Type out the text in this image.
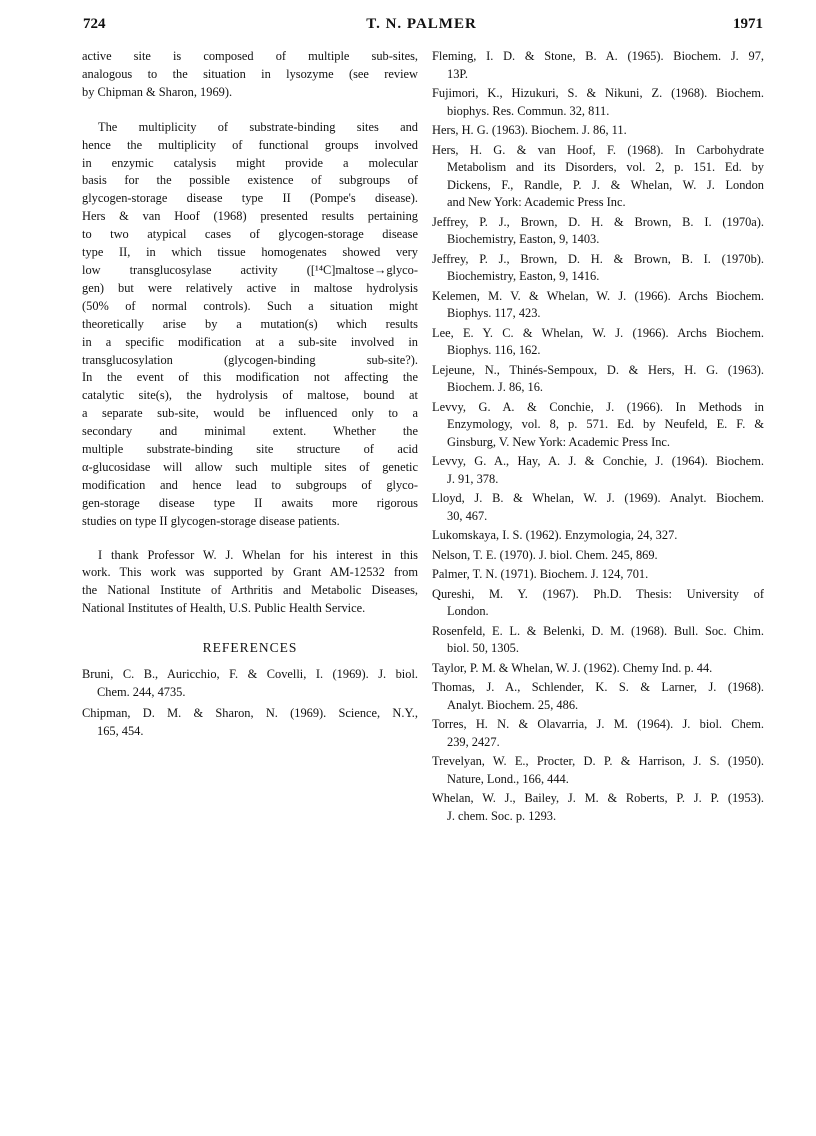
724	T. N. PALMER	1971
active site is composed of multiple sub-sites,
analogous to the situation in lysozyme (see review
by Chipman & Sharon, 1969).
The multiplicity of substrate-binding sites and
hence the multiplicity of functional groups involved
in enzymic catalysis might provide a molecular
basis for the possible existence of subgroups of
glycogen-storage disease type II (Pompe's disease).
Hers & van Hoof (1968) presented results pertaining
to two atypical cases of glycogen-storage disease
type II, in which tissue homogenates showed very
low transglucosylase activity ([¹⁴C]maltose→glyco-
gen) but were relatively active in maltose hydrolysis
(50% of normal controls). Such a situation might
theoretically arise by a mutation(s) which results
in a specific modification at a sub-site involved in
transglucosylation (glycogen-binding sub-site?).
In the event of this modification not affecting the
catalytic site(s), the hydrolysis of maltose, bound at
a separate sub-site, would be influenced only to a
secondary and minimal extent. Whether the
multiple substrate-binding site structure of acid
α-glucosidase will allow such multiple sites of genetic
modification and hence lead to subgroups of glyco-
gen-storage disease type II awaits more rigorous
studies on type II glycogen-storage disease patients.
I thank Professor W. J. Whelan for his interest in this
work. This work was supported by Grant AM-12532 from
the National Institute of Arthritis and Metabolic Diseases,
National Institutes of Health, U.S. Public Health Service.
REFERENCES
Bruni, C. B., Auricchio, F. & Covelli, I. (1969). J. biol.
Chem. 244, 4735.
Chipman, D. M. & Sharon, N. (1969). Science, N.Y.,
165, 454.
Fleming, I. D. & Stone, B. A. (1965). Biochem. J. 97,
13P.
Fujimori, K., Hizukuri, S. & Nikuni, Z. (1968). Biochem.
biophys. Res. Commun. 32, 811.
Hers, H. G. (1963). Biochem. J. 86, 11.
Hers, H. G. & van Hoof, F. (1968). In Carbohydrate
Metabolism and its Disorders, vol. 2, p. 151. Ed. by
Dickens, F., Randle, P. J. & Whelan, W. J. London
and New York: Academic Press Inc.
Jeffrey, P. J., Brown, D. H. & Brown, B. I. (1970a).
Biochemistry, Easton, 9, 1403.
Jeffrey, P. J., Brown, D. H. & Brown, B. I. (1970b).
Biochemistry, Easton, 9, 1416.
Kelemen, M. V. & Whelan, W. J. (1966). Archs Biochem.
Biophys. 117, 423.
Lee, E. Y. C. & Whelan, W. J. (1966). Archs Biochem.
Biophys. 116, 162.
Lejeune, N., Thinés-Sempoux, D. & Hers, H. G. (1963).
Biochem. J. 86, 16.
Levvy, G. A. & Conchie, J. (1966). In Methods in
Enzymology, vol. 8, p. 571. Ed. by Neufeld, E. F. &
Ginsburg, V. New York: Academic Press Inc.
Levvy, G. A., Hay, A. J. & Conchie, J. (1964). Biochem.
J. 91, 378.
Lloyd, J. B. & Whelan, W. J. (1969). Analyt. Biochem.
30, 467.
Lukomskaya, I. S. (1962). Enzymologia, 24, 327.
Nelson, T. E. (1970). J. biol. Chem. 245, 869.
Palmer, T. N. (1971). Biochem. J. 124, 701.
Qureshi, M. Y. (1967). Ph.D. Thesis: University of
London.
Rosenfeld, E. L. & Belenki, D. M. (1968). Bull. Soc. Chim.
biol. 50, 1305.
Taylor, P. M. & Whelan, W. J. (1962). Chemy Ind. p. 44.
Thomas, J. A., Schlender, K. S. & Larner, J. (1968).
Analyt. Biochem. 25, 486.
Torres, H. N. & Olavarria, J. M. (1964). J. biol. Chem.
239, 2427.
Trevelyan, W. E., Procter, D. P. & Harrison, J. S. (1950).
Nature, Lond., 166, 444.
Whelan, W. J., Bailey, J. M. & Roberts, P. J. P. (1953).
J. chem. Soc. p. 1293.
